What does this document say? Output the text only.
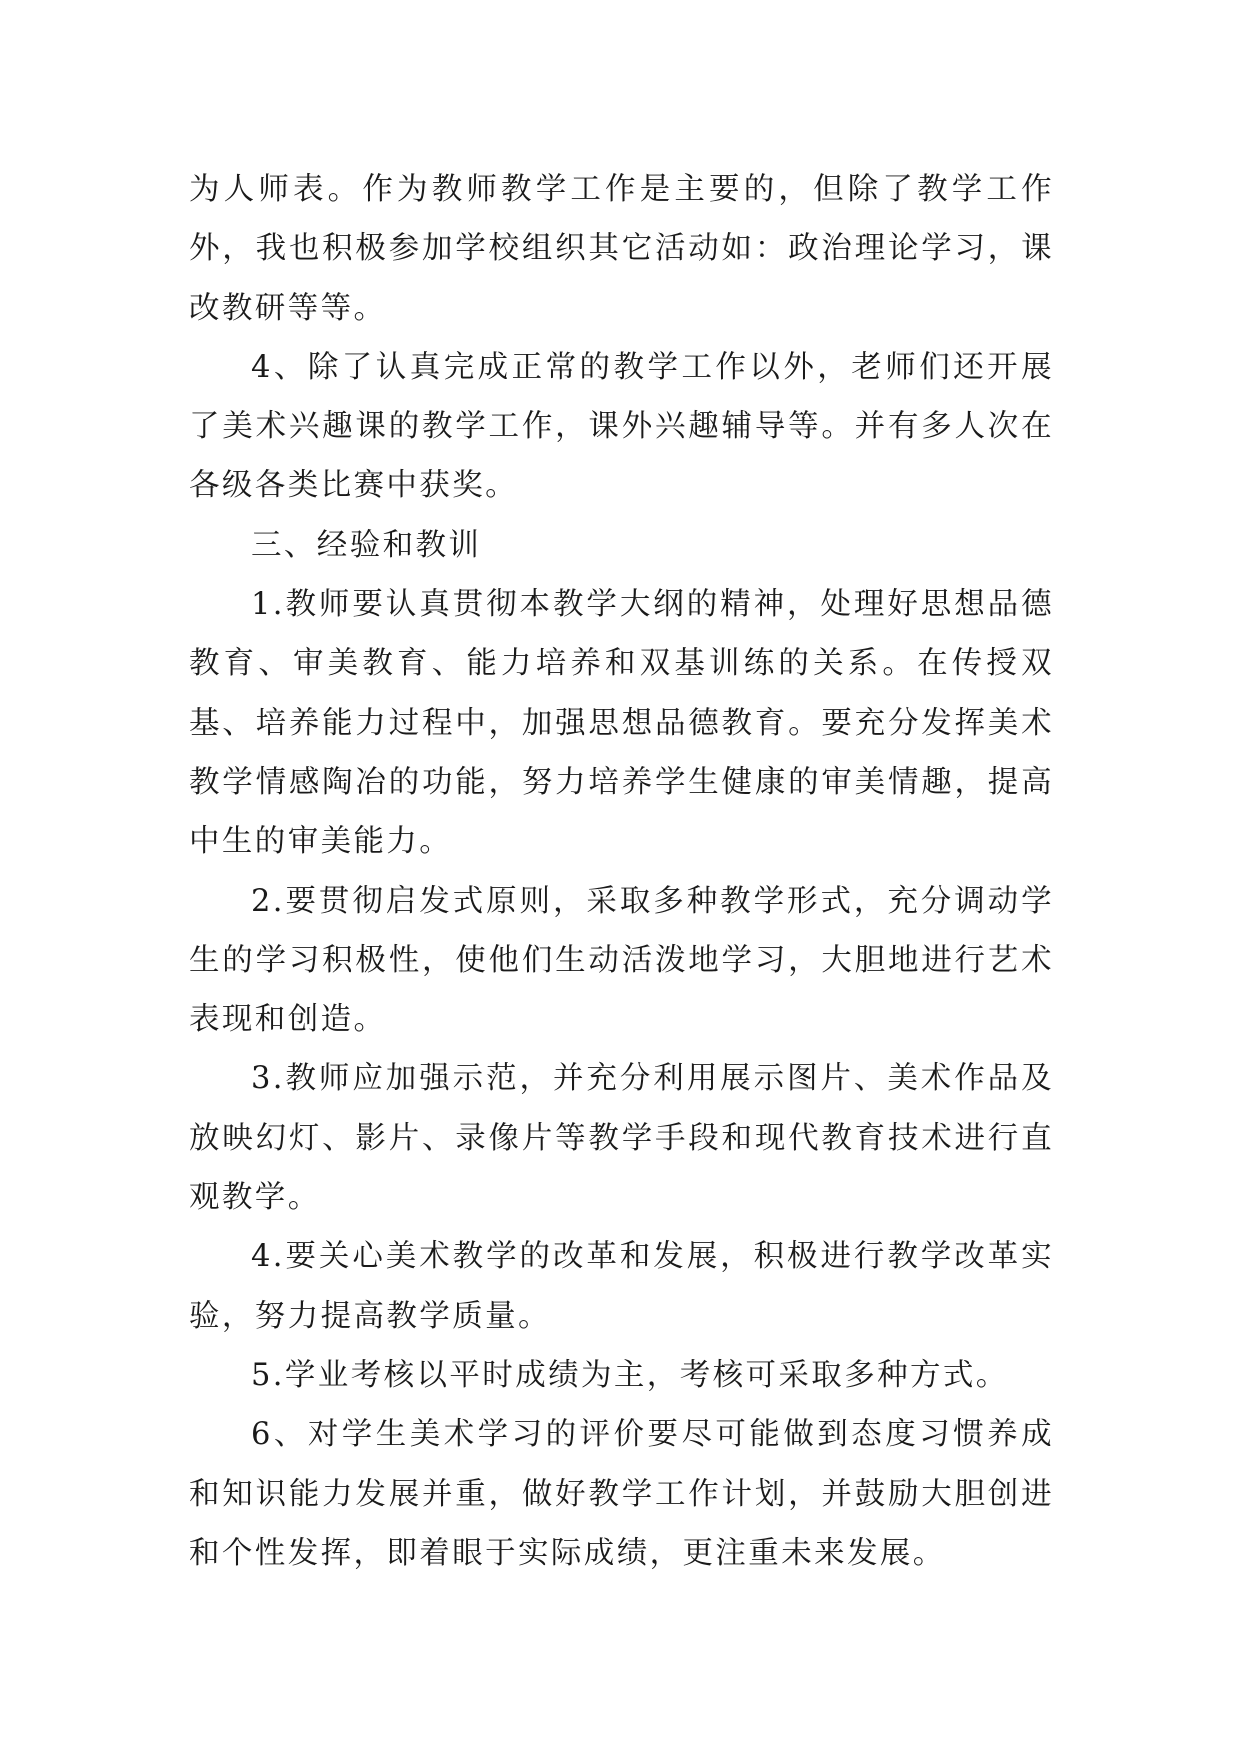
为人师表。作为教师教学工作是主要的，但除了教学工作外，我也积极参加学校组织其它活动如：政治理论学习，课改教研等等。

4、除了认真完成正常的教学工作以外，老师们还开展了美术兴趣课的教学工作，课外兴趣辅导等。并有多人次在各级各类比赛中获奖。

三、经验和教训

1.教师要认真贯彻本教学大纲的精神，处理好思想品德教育、审美教育、能力培养和双基训练的关系。在传授双基、培养能力过程中，加强思想品德教育。要充分发挥美术教学情感陶冶的功能，努力培养学生健康的审美情趣，提高中生的审美能力。

2.要贯彻启发式原则，采取多种教学形式，充分调动学生的学习积极性，使他们生动活泼地学习，大胆地进行艺术表现和创造。

3.教师应加强示范，并充分利用展示图片、美术作品及放映幻灯、影片、录像片等教学手段和现代教育技术进行直观教学。

4.要关心美术教学的改革和发展，积极进行教学改革实验，努力提高教学质量。

5.学业考核以平时成绩为主，考核可采取多种方式。

6、对学生美术学习的评价要尽可能做到态度习惯养成和知识能力发展并重，做好教学工作计划，并鼓励大胆创进和个性发挥，即着眼于实际成绩，更注重未来发展。
